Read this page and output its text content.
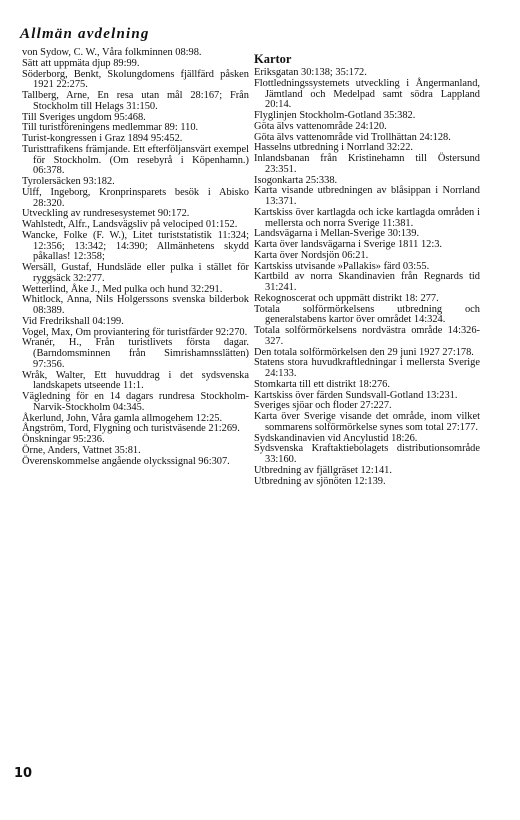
Allmän avdelning

von Sydow, C. W., Våra folkminnen 08:98.

Sätt att uppmäta djup 89:99.

Söderborg, Benkt, Skolungdomens fjällfärd påsken 1921 22:275.

Tallberg, Arne, En resa utan mål 28:167; Från Stockholm till Helags 31:150.

Till Sveriges ungdom 95:468.

Till turistföreningens medlemmar 89: 110.

Turist-kongressen i Graz 1894 95:452.

Turisttrafikens främjande. Ett efterföljansvärt exempel för Stockholm. (Om resebyrå i Köpenhamn.) 06:378.

Tyrolersäcken 93:182.

Ulff, Ingeborg, Kronprinsparets besök i Abisko 28:320.

Utveckling av rundresesystemet 90:172.

Wahlstedt, Alfr., Landsvägsliv på velociped 01:152.

Wancke, Folke (F. W.), Litet turiststatistik 11:324; 12:356; 13:342; 14:390; Allmänhetens skydd påkallas! 12:358;

Wersäll, Gustaf, Hundsläde eller pulka i stället för ryggsäck 32:277.

Wetterlind, Åke J., Med pulka och hund 32:291.

Whitlock, Anna, Nils Holgerssons svenska bilderbok 08:389.

Vid Fredrikshall 04:199.

Vogel, Max, Om proviantering för turistfärder 92:270.

Wranér, H., Från turistlivets första dagar. (Barndomsminnen från Simrishamnsslätten) 97:356.

Wråk, Walter, Ett huvuddrag i det sydsvenska landskapets utseende 11:1.

Vägledning för en 14 dagars rundresa Stockholm-Narvik-Stockholm 04:345.

Åkerlund, John, Våra gamla allmogehem 12:25.

Ångström, Tord, Flygning och turistväsende 21:269.

Önskningar 95:236.

Örne, Anders, Vattnet 35:81.

Överenskommelse angående olyckssignal 96:307.

Kartor

Eriksgatan 30:138; 35:172.

Flottledningssystemets utveckling i Ångermanland, Jämtland och Medelpad samt södra Lappland 20:14.

Flyglinjen Stockholm-Gotland 35:382.

Göta älvs vattenområde 24:120.

Göta älvs vattenområde vid Trollhättan 24:128.

Hasselns utbredning i Norrland 32:22.

Inlandsbanan från Kristinehamn till Östersund 23:351.

Isogonkarta 25:338.

Karta visande utbredningen av blåsippan i Norrland 13:371.

Kartskiss över kartlagda och icke kartlagda områden i mellersta och norra Sverige 11:381.

Landsvägarna i Mellan-Sverige 30:139.

Karta över landsvägarna i Sverige 1811 12:3.

Karta över Nordsjön 06:21.

Kartskiss utvisande »Pallakis» färd 03:55.

Kartbild av norra Skandinavien från Regnards tid 31:241.

Rekognoscerat och uppmätt distrikt 18: 277.

Totala solförmörkelsens utbredning och generalstabens kartor över området 14:324.

Totala solförmörkelsens nordvästra område 14:326-327.

Den totala solförmörkelsen den 29 juni 1927 27:178.

Statens stora huvudkraftledningar i mellersta Sverige 24:133.

Stomkarta till ett distrikt 18:276.

Kartskiss över färden Sundsvall-Gotland 13:231.

Sveriges sjöar och floder 27:227.

Karta över Sverige visande det område, inom vilket sommarens solförmörkelse synes som total 27:177.

Sydskandinavien vid Ancylustid 18:26.

Sydsvenska Kraftaktiebolagets distributionsområde 33:160.

Utbredning av fjällgräset 12:141.

Utbredning av sjönöten 12:139.

10
